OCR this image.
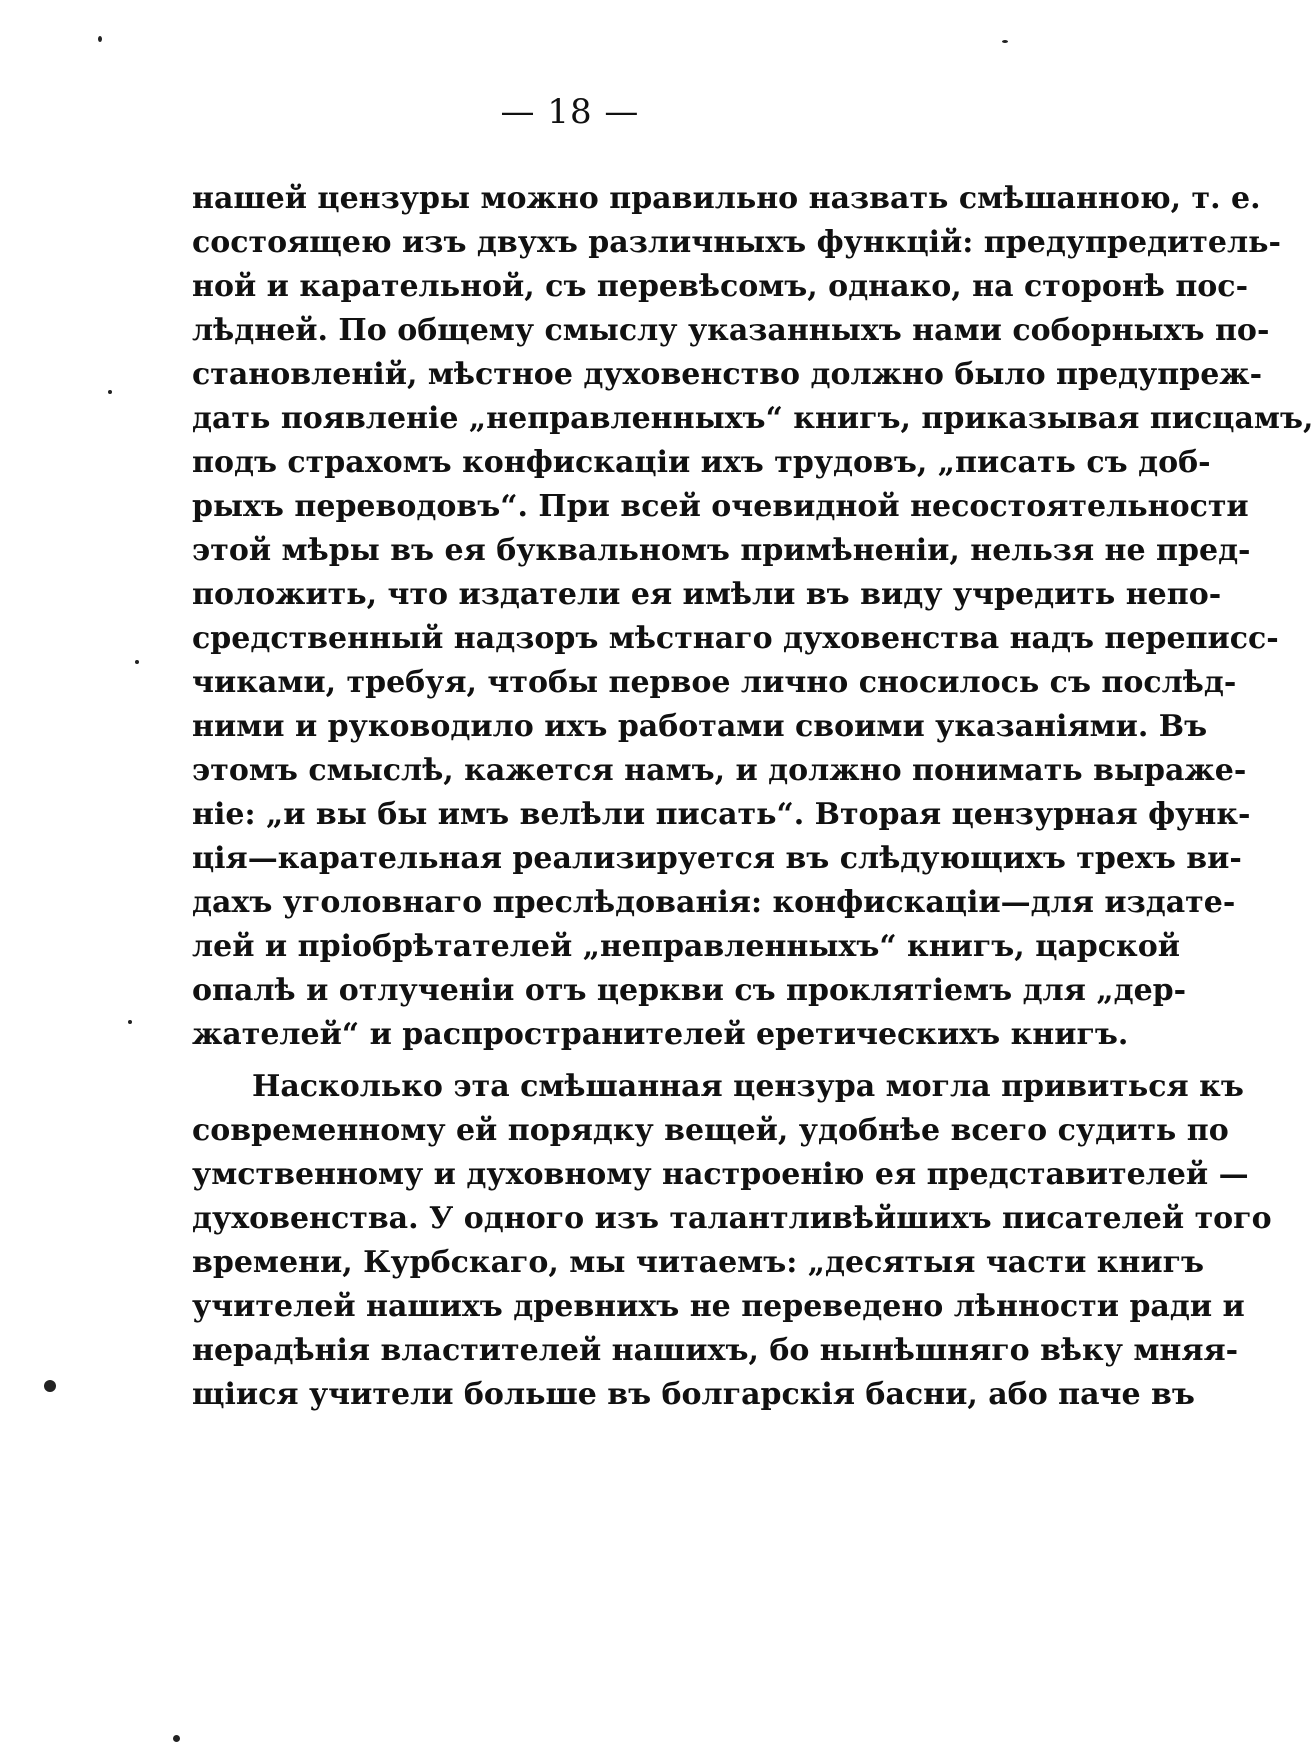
— 18 —
нашей цензуры можно правильно назвать смѣшанною, т. е.
состоящею изъ двухъ различныхъ функцій: предупредитель-
ной и карательной, съ перевѣсомъ, однако, на сторонѣ пос-
лѣдней. По общему смыслу указанныхъ нами соборныхъ по-
становленій, мѣстное духовенство должно было предупреж-
дать появленіе „неправленныхъ“ книгъ, приказывая писцамъ,
подъ страхомъ конфискаціи ихъ трудовъ, „писать съ доб-
рыхъ переводовъ“. При всей очевидной несостоятельности
этой мѣры въ ея буквальномъ примѣненіи, нельзя не пред-
положить, что издатели ея имѣли въ виду учредить непо-
средственный надзоръ мѣстнаго духовенства надъ переписс-
чиками, требуя, чтобы первое лично сносилось съ послѣд-
ними и руководило ихъ работами своими указаніями. Въ
этомъ смыслѣ, кажется намъ, и должно понимать выраже-
ніе: „и вы бы имъ велѣли писать“. Вторая цензурная функ-
ція—карательная реализируется въ слѣдующихъ трехъ ви-
дахъ уголовнаго преслѣдованія: конфискаціи—для издате-
лей и пріобрѣтателей „неправленныхъ“ книгъ, царской
опалѣ и отлученіи отъ церкви съ проклятіемъ для „дер-
жателей“ и распространителей еретическихъ книгъ.
Насколько эта смѣшанная цензура могла привиться къ
современному ей порядку вещей, удобнѣе всего судить по
умственному и духовному настроенію ея представителей —
духовенства. У одного изъ талантливѣйшихъ писателей того
времени, Курбскаго, мы читаемъ: „десятыя части книгъ
учителей нашихъ древнихъ не переведено лѣнности ради и
нерадѣнія властителей нашихъ, бо нынѣшняго вѣку мняя-
щіися учители больше въ болгарскія басни, або паче въ
